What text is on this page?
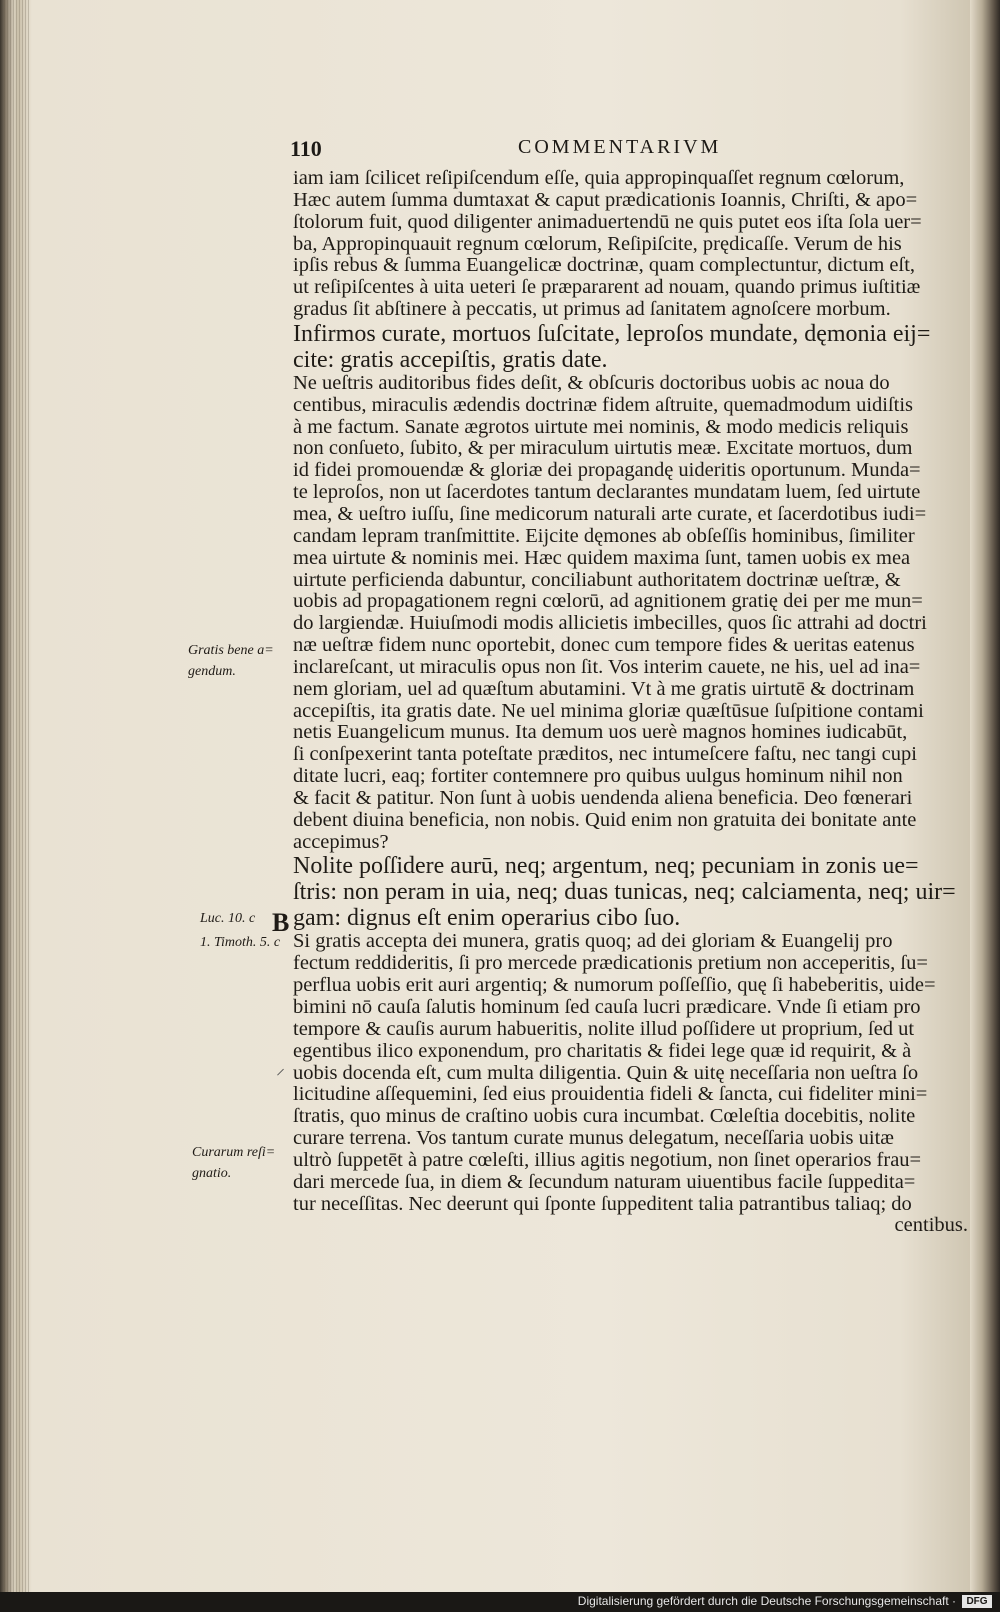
110	COMMENTARIVM
iam iam ſcilicet reſipiſcendum eſſe, quia appropinquaſſet regnum cœlorum,
Hæc autem ſumma dumtaxat & caput prædicationis Ioannis, Chriſti, & apo=
ſtolorum fuit, quod diligenter animaduertendū ne quis putet eos iſta ſola uer=
ba, Appropinquauit regnum cœlorum, Reſipiſcite, prędicaſſe. Verum de his
ipſis rebus & ſumma Euangelicæ doctrinæ, quam complectuntur, dictum eſt,
ut reſipiſcentes à uita ueteri ſe præpararent ad nouam, quando primus iuſtitiæ
gradus ſit abſtinere à peccatis, ut primus ad ſanitatem agnoſcere morbum.
Infirmos curate, mortuos ſuſcitate, leproſos mundate, dęmonia eij=
cite: gratis accepiſtis, gratis date.
Ne ueſtris auditoribus fides deſit, & obſcuris doctoribus uobis ac noua do
centibus, miraculis ædendis doctrinæ fidem aſtruite, quemadmodum uidiſtis
à me factum. Sanate ægrotos uirtute mei nominis, & modo medicis reliquis
non conſueto, ſubito, & per miraculum uirtutis meæ. Excitate mortuos, dum
id fidei promouendæ & gloriæ dei propagandę uideritis oportunum. Munda=
te leproſos, non ut ſacerdotes tantum declarantes mundatam luem, ſed uirtute
mea, & ueſtro iuſſu, ſine medicorum naturali arte curate, et ſacerdotibus iudi=
candam lepram tranſmittite. Eijcite dęmones ab obſeſſis hominibus, ſimiliter
mea uirtute & nominis mei. Hæc quidem maxima ſunt, tamen uobis ex mea
uirtute perficienda dabuntur, conciliabunt authoritatem doctrinæ ueſtræ, &
uobis ad propagationem regni cœlorū, ad agnitionem gratię dei per me mun=
do largiendæ. Huiuſmodi modis allicietis imbecilles, quos ſic attrahi ad doctri
næ ueſtræ fidem nunc oportebit, donec cum tempore fides & ueritas eatenus
inclareſcant, ut miraculis opus non ſit. Vos interim cauete, ne his, uel ad ina=
nem gloriam, uel ad quæſtum abutamini. Vt à me gratis uirtutē & doctrinam
accepiſtis, ita gratis date. Ne uel minima gloriæ quæſtūsue ſuſpitione contami
netis Euangelicum munus. Ita demum uos uerè magnos homines iudicabūt,
ſi conſpexerint tanta poteſtate præditos, nec intumeſcere faſtu, nec tangi cupi
ditate lucri, eaq; fortiter contemnere pro quibus uulgus hominum nihil non
& facit & patitur. Non ſunt à uobis uendenda aliena beneficia. Deo fœnerari
debent diuina beneficia, non nobis. Quid enim non gratuita dei bonitate ante
accepimus?
Nolite poſſidere aurū, neq; argentum, neq; pecuniam in zonis ue=
ſtris: non peram in uia, neq; duas tunicas, neq; calciamenta, neq; uir=
gam: dignus eſt enim operarius cibo ſuo.
Si gratis accepta dei munera, gratis quoq; ad dei gloriam & Euangelij pro
fectum reddideritis, ſi pro mercede prædicationis pretium non acceperitis, ſu=
perflua uobis erit auri argentiq; & numorum poſſeſſio, quę ſi habeberitis, uide=
bimini nō cauſa ſalutis hominum ſed cauſa lucri prædicare. Vnde ſi etiam pro
tempore & cauſis aurum habueritis, nolite illud poſſidere ut proprium, ſed ut
egentibus ilico exponendum, pro charitatis & fidei lege quæ id requirit, & à
uobis docenda eſt, cum multa diligentia. Quin & uitę neceſſaria non ueſtra ſo
licitudine aſſequemini, ſed eius prouidentia fideli & ſancta, cui fideliter mini=
ſtratis, quo minus de craſtino uobis cura incumbat. Cœleſtia docebitis, nolite
curare terrena. Vos tantum curate munus delegatum, neceſſaria uobis uitæ
ultrò ſuppetēt à patre cœleſti, illius agitis negotium, non ſinet operarios frau=
dari mercede ſua, in diem & ſecundum naturam uiuentibus facile ſuppedita=
tur neceſſitas. Nec deerunt qui ſponte ſuppeditent talia patrantibus taliaq; do
centibus.
B
Gratis bene a=
gendum.
Luc. 10. c
1. Timoth. 5. c
Curarum reſi=
gnatio.
⸝
Digitalisierung gefördert durch die Deutsche Forschungsgemeinschaft ·	DFG
